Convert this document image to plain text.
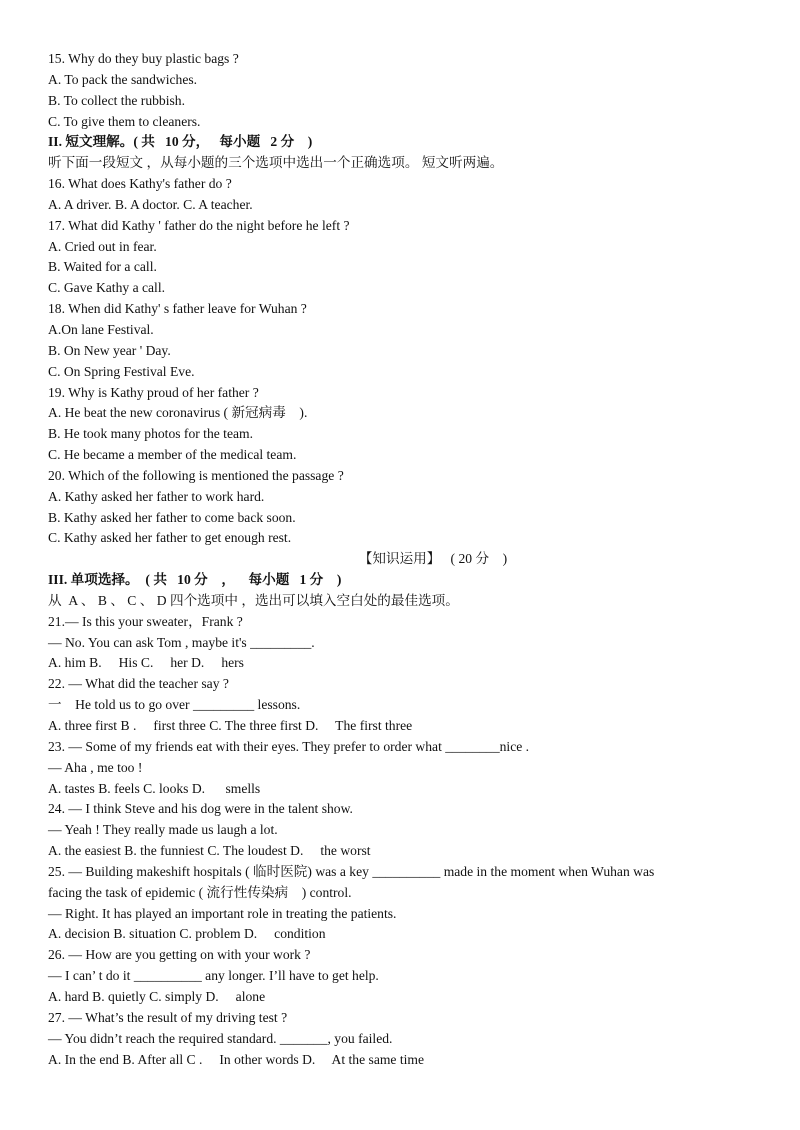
15. Why do they buy plastic bags ?
A. To pack the sandwiches.
B. To collect the rubbish.
C. To give them to cleaners.
II. 短文理解。( 共   10 分，   每小题   2 分    )
听下面一段短文 ，从每小题的三个选项中选出一个正确选项。 短文听两遍。
16. What does Kathy's father do ?
A. A driver. B. A doctor. C. A teacher.
17. What did Kathy ' father do the night before he left ?
A. Cried out in fear.
B. Waited for a call.
C. Gave Kathy a call.
18. When did Kathy' s father leave for Wuhan ?
A.On lane Festival.
B. On New year ' Day.
C. On Spring Festival Eve.
19. Why is Kathy proud of her father ?
A. He beat the new coronavirus ( 新冠病毒    ).
B. He took many photos for the team.
C. He became a member of the medical team.
20. Which of the following is mentioned the passage ?
A. Kathy asked her father to work hard.
B. Kathy asked her father to come back soon.
C. Kathy asked her father to get enough rest.
【知识运用】   ( 20 分    )
III. 单项选择。  ( 共   10 分    ，    每小题   1 分    )
从  A 、 B 、 C 、 D 四个选项中 ，选出可以填入空白处的最佳选项。
21.— Is this your sweater，Frank ?
— No. You can ask Tom , maybe it's _________.
A. him B.     His C.     her D.     hers
22. — What did the teacher say ?
一    He told us to go over _________ lessons.
A. three first B .     first three C. The three first D.     The first three
23. — Some of my friends eat with their eyes. They prefer to order what ________nice .
— Aha , me too !
A. tastes B. feels C. looks D.      smells
24. — I think Steve and his dog were in the talent show.
— Yeah ! They really made us laugh a lot.
A. the easiest B. the funniest C. The loudest D.     the worst
25. — Building makeshift hospitals ( 临时医院) was a key __________ made in the moment when Wuhan was
facing the task of epidemic ( 流行性传染病    ) control.
— Right. It has played an important role in treating the patients.
A. decision B. situation C. problem D.     condition
26. — How are you getting on with your work ?
— I can’ t do it __________ any longer. I’ll have to get help.
A. hard B. quietly C. simply D.     alone
27. — What’s the result of my driving test ?
— You didn’t reach the required standard. _______, you failed.
A. In the end B. After all C .     In other words D.     At the same time
